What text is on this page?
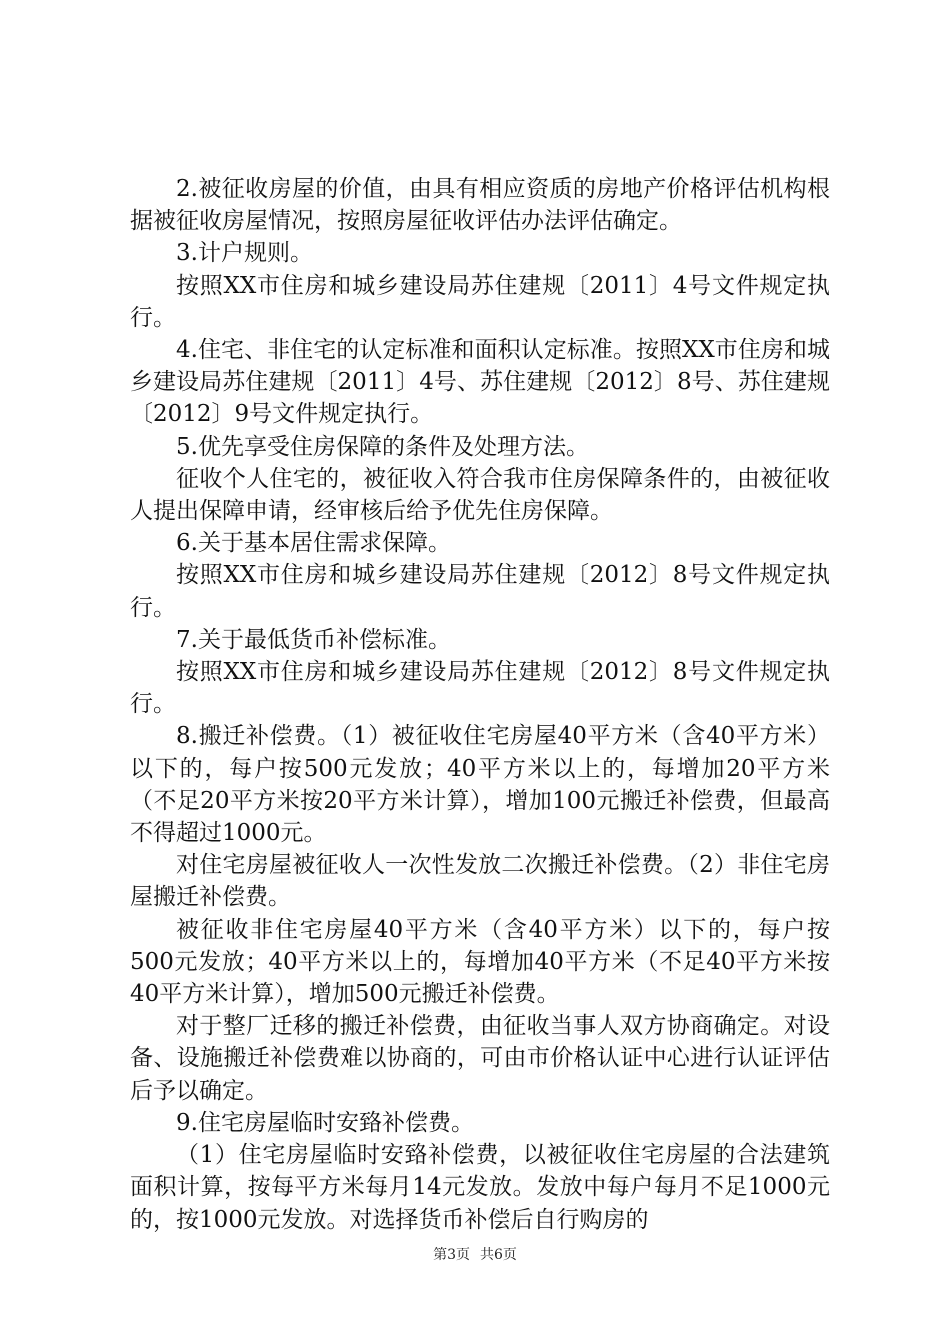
2.被征收房屋的价值，由具有相应资质的房地产价格评估机构根据被征收房屋情况，按照房屋征收评估办法评估确定。

3.计户规则。

按照XX市住房和城乡建设局苏住建规〔2011〕4号文件规定执行。

4.住宅、非住宅的认定标准和面积认定标准。按照XX市住房和城乡建设局苏住建规〔2011〕4号、苏住建规〔2012〕8号、苏住建规〔2012〕9号文件规定执行。

5.优先享受住房保障的条件及处理方法。

征收个人住宅的，被征收入符合我市住房保障条件的，由被征收人提出保障申请，经审核后给予优先住房保障。

6.关于基本居住需求保障。

按照XX市住房和城乡建设局苏住建规〔2012〕8号文件规定执行。

7.关于最低货币补偿标准。

按照XX市住房和城乡建设局苏住建规〔2012〕8号文件规定执行。

8.搬迁补偿费。（1）被征收住宅房屋40平方米（含40平方米）以下的，每户按500元发放；40平方米以上的，每增加20平方米（不足20平方米按20平方米计算），增加100元搬迁补偿费，但最高不得超过1000元。

对住宅房屋被征收人一次性发放二次搬迁补偿费。（2）非住宅房屋搬迁补偿费。

被征收非住宅房屋40平方米（含40平方米）以下的，每户按500元发放；40平方米以上的，每增加40平方米（不足40平方米按40平方米计算），增加500元搬迁补偿费。

对于整厂迁移的搬迁补偿费，由征收当事人双方协商确定。对设备、设施搬迁补偿费难以协商的，可由市价格认证中心进行认证评估后予以确定。

9.住宅房屋临时安臵补偿费。

（1）住宅房屋临时安臵补偿费，以被征收住宅房屋的合法建筑面积计算，按每平方米每月14元发放。发放中每户每月不足1000元的，按1000元发放。对选择货币补偿后自行购房的

第3页 共6页
